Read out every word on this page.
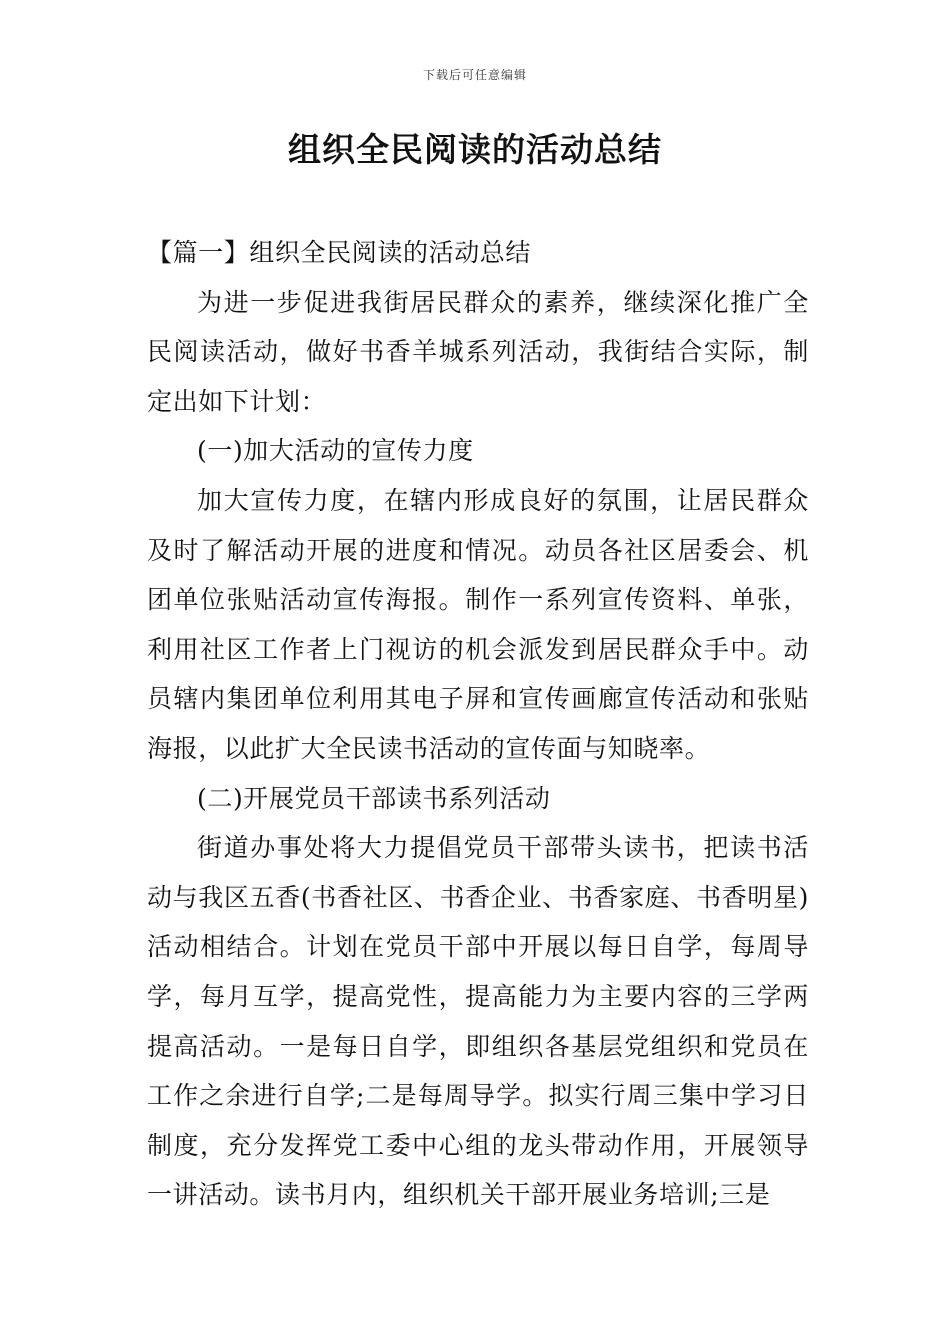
下载后可任意编辑
组织全民阅读的活动总结

【篇一】组织全民阅读的活动总结

为进一步促进我街居民群众的素养，继续深化推广全民阅读活动，做好书香羊城系列活动，我街结合实际，制定出如下计划：

(一)加大活动的宣传力度

加大宣传力度，在辖内形成良好的氛围，让居民群众及时了解活动开展的进度和情况。动员各社区居委会、机团单位张贴活动宣传海报。制作一系列宣传资料、单张，利用社区工作者上门视访的机会派发到居民群众手中。动员辖内集团单位利用其电子屏和宣传画廊宣传活动和张贴海报，以此扩大全民读书活动的宣传面与知晓率。

(二)开展党员干部读书系列活动

街道办事处将大力提倡党员干部带头读书，把读书活动与我区五香(书香社区、书香企业、书香家庭、书香明星)活动相结合。计划在党员干部中开展以每日自学，每周导学，每月互学，提高党性，提高能力为主要内容的三学两提高活动。一是每日自学，即组织各基层党组织和党员在工作之余进行自学;二是每周导学。拟实行周三集中学习日制度，充分发挥党工委中心组的龙头带动作用，开展领导一讲活动。读书月内，组织机关干部开展业务培训;三是
